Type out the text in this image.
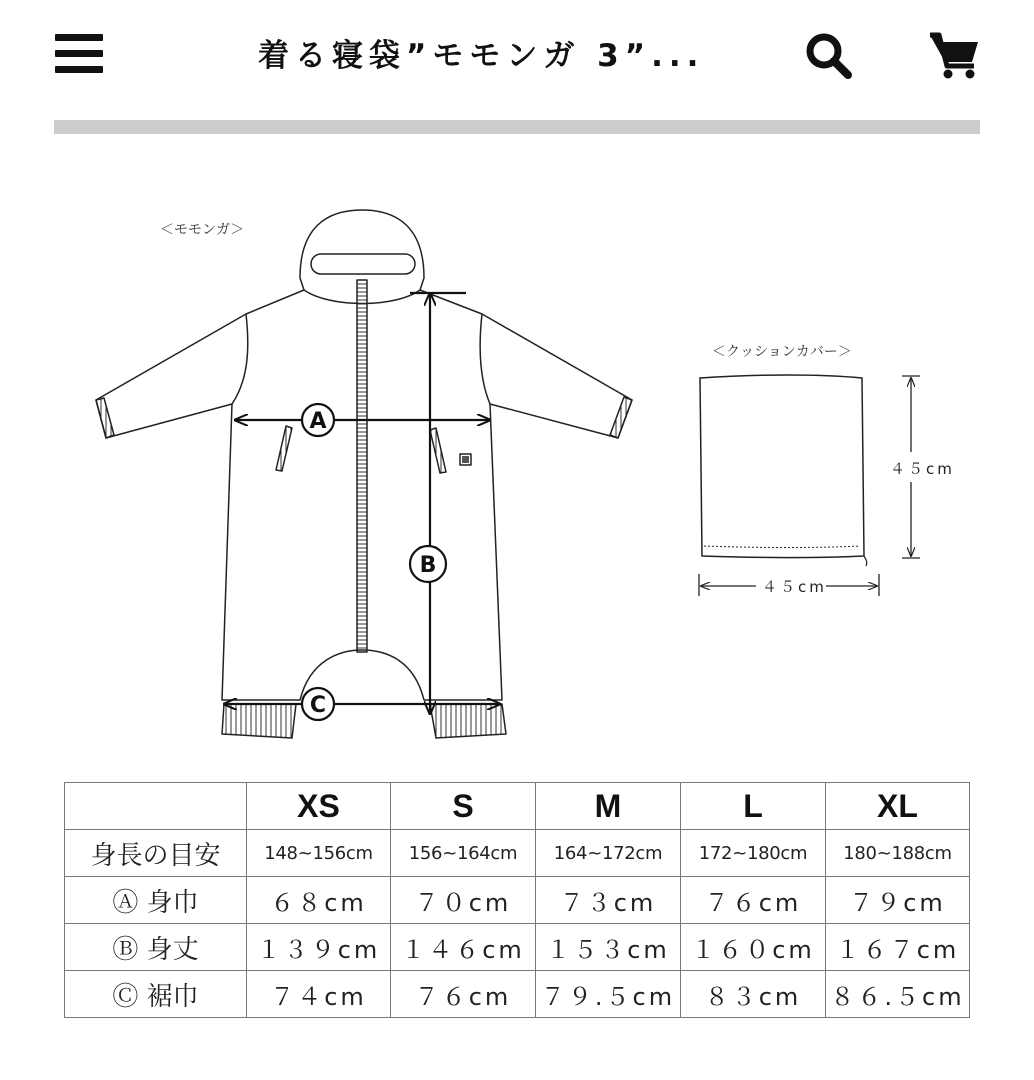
着る寝袋”モモンガ 3”...
＜モモンガ＞
A
B
C
＜クッションカバー＞
４５cm
４５cm
	XS	S	M	L	XL
身長の目安	148~156cm	156~164cm	164~172cm	172~180cm	180~188cm
Ⓐ 身巾	６８cm	７０cm	７３cm	７６cm	７９cm
Ⓑ 身丈	１３９cm	１４６cm	１５３cm	１６０cm	１６７cm
Ⓒ 裾巾	７４cm	７６cm	７９.５cm	８３cm	８６.５cm
